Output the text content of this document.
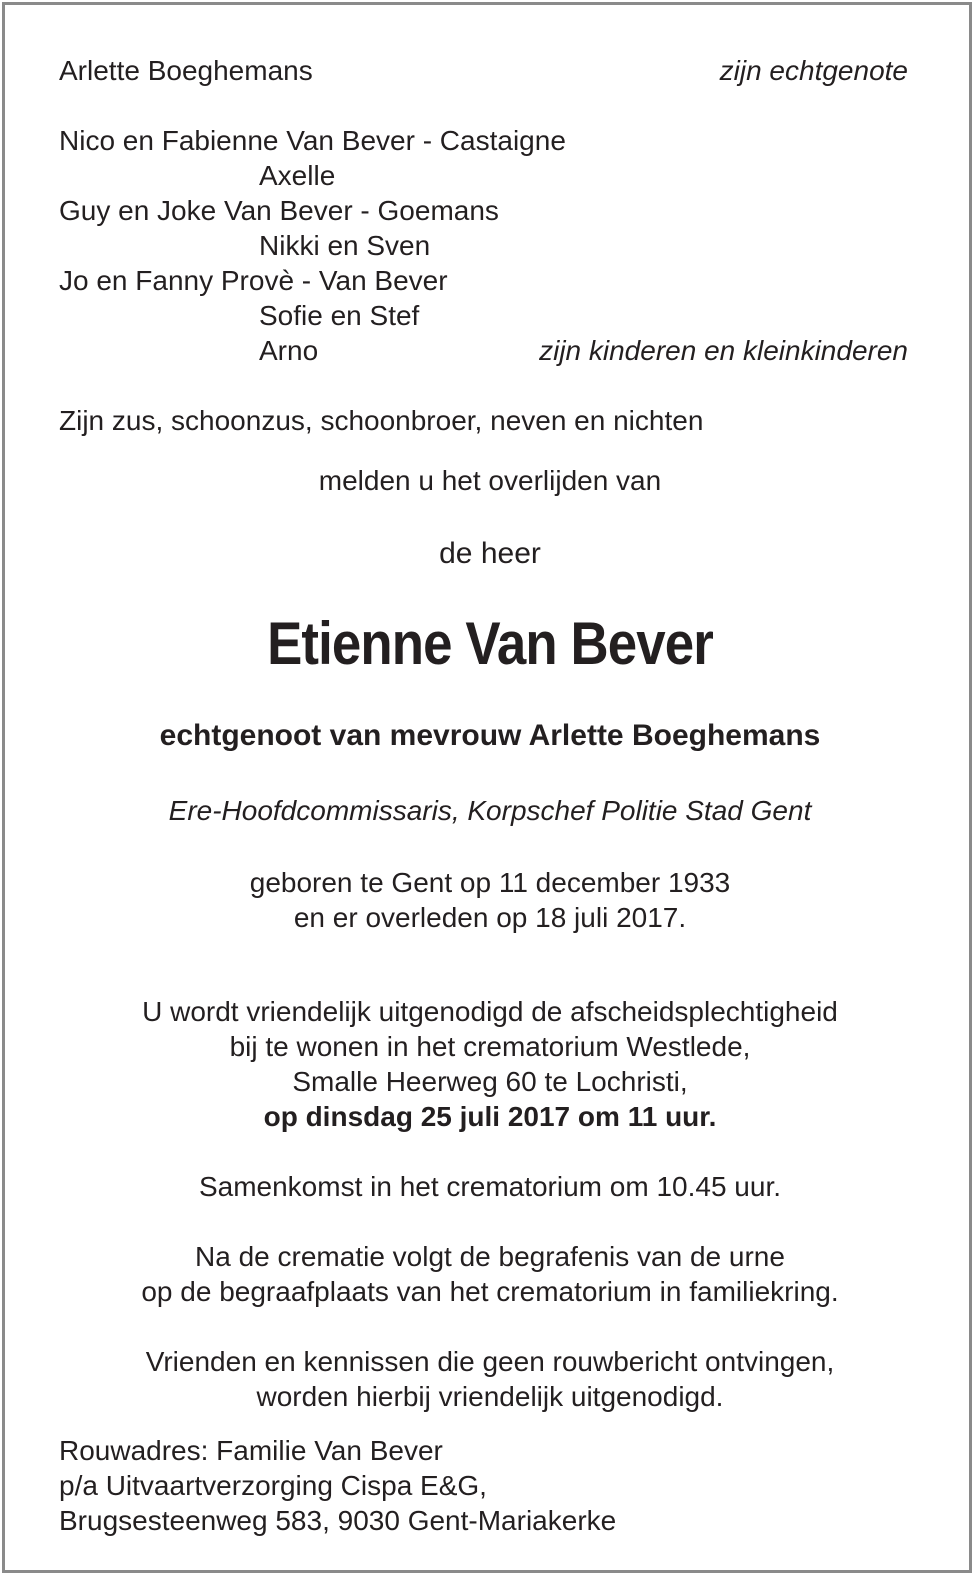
Arlette Boeghemans	zijn echtgenote
Nico en Fabienne Van Bever - Castaigne
Axelle
Guy en Joke Van Bever - Goemans
Nikki en Sven
Jo en Fanny Provè - Van Bever
Sofie en Stef
Arno	zijn kinderen en kleinkinderen
Zijn zus, schoonzus, schoonbroer, neven en nichten
melden u het overlijden van
de heer
Etienne Van Bever
echtgenoot van mevrouw Arlette Boeghemans
Ere-Hoofdcommissaris, Korpschef Politie Stad Gent
geboren te Gent op 11 december 1933
en er overleden op 18 juli 2017.
U wordt vriendelijk uitgenodigd de afscheidsplechtigheid
bij te wonen in het crematorium Westlede,
Smalle Heerweg 60 te Lochristi,
op dinsdag 25 juli 2017 om 11 uur.
Samenkomst in het crematorium om 10.45 uur.
Na de crematie volgt de begrafenis van de urne
op de begraafplaats van het crematorium in familiekring.
Vrienden en kennissen die geen rouwbericht ontvingen,
worden hierbij vriendelijk uitgenodigd.
Rouwadres: Familie Van Bever
p/a Uitvaartverzorging Cispa E&G,
Brugsesteenweg 583, 9030 Gent-Mariakerke
